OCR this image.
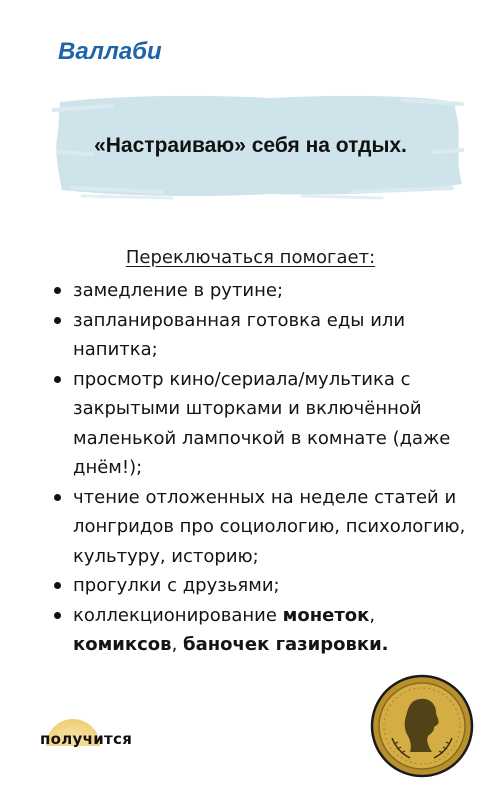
Валлаби
«Настраиваю» себя на отдых.
Переключаться помогает:
замедление в рутине;
запланированная готовка еды или напитка;
просмотр кино/сериала/мультика с закрытыми шторками и включённой маленькой лампочкой в комнате (даже днём!);
чтение отложенных на неделе статей и лонгридов про социологию, психологию, культуру, историю;
прогулки с друзьями;
коллекционирование монеток, комиксов, баночек газировки.
получится
